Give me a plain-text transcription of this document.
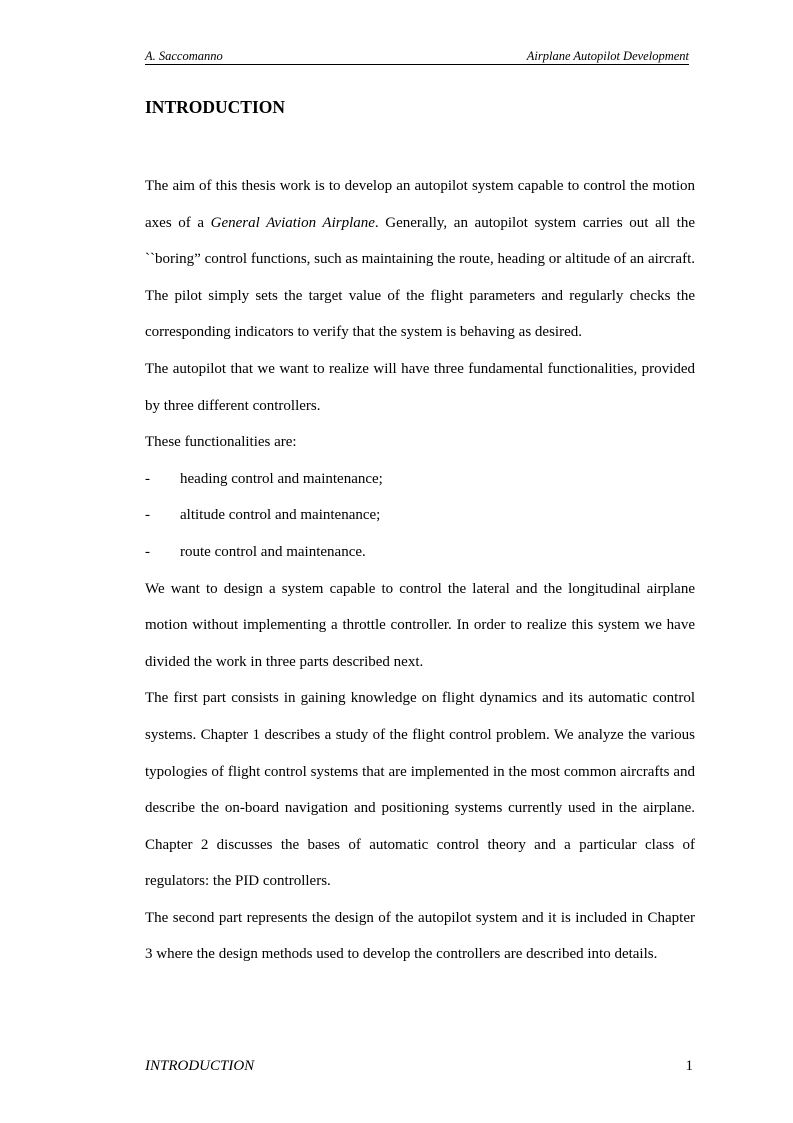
A. Saccomanno	Airplane Autopilot Development
INTRODUCTION

The aim of this thesis work is to develop an autopilot system capable to control the motion axes of a General Aviation Airplane. Generally, an autopilot system carries out all the ``boring” control functions, such as maintaining the route, heading or altitude of an aircraft. The pilot simply sets the target value of the flight parameters and regularly checks the corresponding indicators to verify that the system is behaving as desired.

The autopilot that we want to realize will have three fundamental functionalities, provided by three different controllers.

These functionalities are:

-	heading control and maintenance;
-	altitude control and maintenance;
-	route control and maintenance.

We want to design a system capable to control the lateral and the longitudinal airplane motion without implementing a throttle controller. In order to realize this system we have divided the work in three parts described next.

The first part consists in gaining knowledge on flight dynamics and its automatic control systems. Chapter 1 describes a study of the flight control problem. We analyze the various typologies of flight control systems that are implemented in the most common aircrafts and describe the on-board navigation and positioning systems currently used in the airplane. Chapter 2 discusses the bases of automatic control theory and a particular class of regulators: the PID controllers.

The second part represents the design of the autopilot system and it is included in Chapter 3 where the design methods used to develop the controllers are described into details.

INTRODUCTION	1
